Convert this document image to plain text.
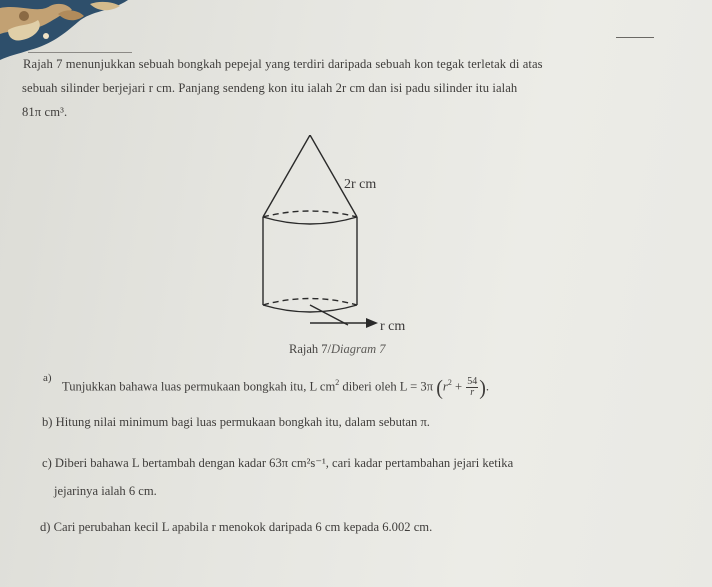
Rajah 7 menunjukkan sebuah bongkah pepejal yang terdiri daripada sebuah kon tegak terletak di atas

sebuah silinder berjejari r cm. Panjang sendeng kon itu ialah 2r cm dan isi padu silinder itu ialah

81π cm³.

2r cm
r cm
Rajah 7/Diagram 7
a)
Tunjukkan bahawa luas permukaan bongkah itu, L $cm^2$ diberi oleh L = 3π ($r^2 + \frac{54}{r}$ ).
b) Hitung nilai minimum bagi luas permukaan bongkah itu, dalam sebutan π.
c) Diberi bahawa L bertambah dengan kadar 63π cm²s⁻¹, cari kadar pertambahan jejari ketika
jejarinya ialah 6 cm.
d) Cari perubahan kecil L apabila r menokok daripada 6 cm kepada 6.002 cm.
